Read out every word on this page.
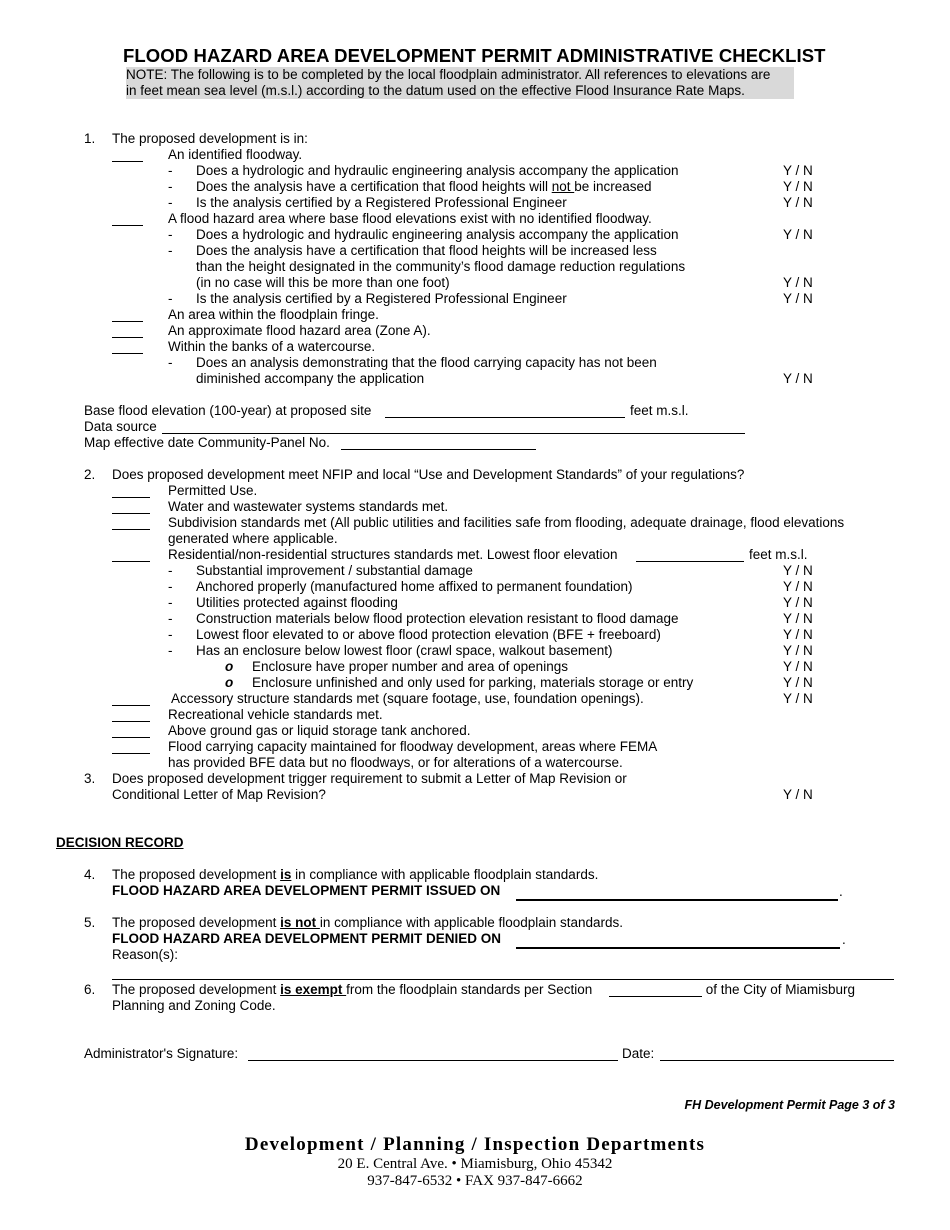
FLOOD HAZARD AREA DEVELOPMENT PERMIT ADMINISTRATIVE CHECKLIST
NOTE: The following is to be completed by the local floodplain administrator. All references to elevations are
in feet mean sea level (m.s.l.) according to the datum used on the effective Flood Insurance Rate Maps.
1. The proposed development is in:
An identified floodway.
- Does a hydrologic and hydraulic engineering analysis accompany the application	Y / N
- Does the analysis have a certification that flood heights will not be increased	Y / N
- Is the analysis certified by a Registered Professional Engineer	Y / N
A flood hazard area where base flood elevations exist with no identified floodway.
- Does a hydrologic and hydraulic engineering analysis accompany the application	Y / N
- Does the analysis have a certification that flood heights will be increased less
than the height designated in the community’s flood damage reduction regulations
(in no case will this be more than one foot)	Y / N
- Is the analysis certified by a Registered Professional Engineer	Y / N
An area within the floodplain fringe.
An approximate flood hazard area (Zone A).
Within the banks of a watercourse.
- Does an analysis demonstrating that the flood carrying capacity has not been
diminished accompany the application	Y / N
Base flood elevation (100-year) at proposed site	feet m.s.l.
Data source
Map effective date Community-Panel No.
2. Does proposed development meet NFIP and local “Use and Development Standards” of your regulations?
Permitted Use.
Water and wastewater systems standards met.
Subdivision standards met (All public utilities and facilities safe from flooding, adequate drainage, flood elevations
generated where applicable.
Residential/non-residential structures standards met. Lowest floor elevation	feet m.s.l.
- Substantial improvement / substantial damage	Y / N
- Anchored properly (manufactured home affixed to permanent foundation)	Y / N
- Utilities protected against flooding	Y / N
- Construction materials below flood protection elevation resistant to flood damage	Y / N
- Lowest floor elevated to or above flood protection elevation (BFE + freeboard)	Y / N
- Has an enclosure below lowest floor (crawl space, walkout basement)	Y / N
o Enclosure have proper number and area of openings	Y / N
o Enclosure unfinished and only used for parking, materials storage or entry	Y / N
Accessory structure standards met (square footage, use, foundation openings).	Y / N
Recreational vehicle standards met.
Above ground gas or liquid storage tank anchored.
Flood carrying capacity maintained for floodway development, areas where FEMA
has provided BFE data but no floodways, or for alterations of a watercourse.
3. Does proposed development trigger requirement to submit a Letter of Map Revision or
Conditional Letter of Map Revision?	Y / N
DECISION RECORD
4. The proposed development is in compliance with applicable floodplain standards.
FLOOD HAZARD AREA DEVELOPMENT PERMIT ISSUED ON	.
5. The proposed development is not in compliance with applicable floodplain standards.
FLOOD HAZARD AREA DEVELOPMENT PERMIT DENIED ON	.
Reason(s):
6. The proposed development is exempt from the floodplain standards per Section	of the City of Miamisburg
Planning and Zoning Code.
Administrator's Signature:	Date:
FH Development Permit Page 3 of 3
Development / Planning / Inspection Departments
20 E. Central Ave. • Miamisburg, Ohio 45342
937-847-6532 • FAX 937-847-6662
